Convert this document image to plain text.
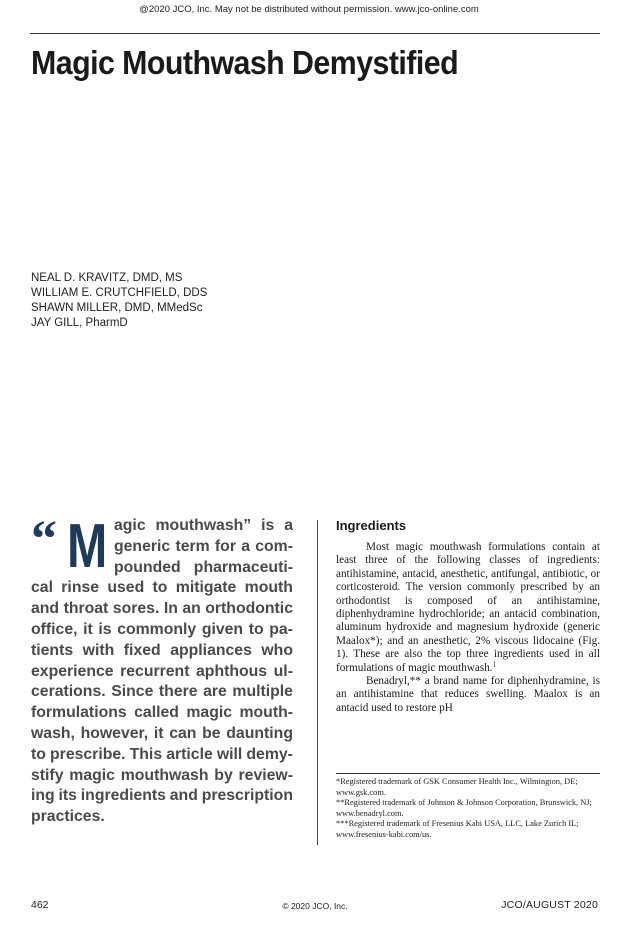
@2020 JCO, Inc. May not be distributed without permission. www.jco-online.com
Magic Mouthwash Demystified
NEAL D. KRAVITZ, DMD, MS
WILLIAM E. CRUTCHFIELD, DDS
SHAWN MILLER, DMD, MMedSc
JAY GILL, PharmD
“ M agic mouthwash” is a
generic term for a com-
pounded pharmaceuti-
cal rinse used to mitigate mouth
and throat sores. In an orthodontic
office, it is commonly given to pa-
tients with fixed appliances who
experience recurrent aphthous ul-
cerations. Since there are multiple
formulations called magic mouth-
wash, however, it can be daunting
to prescribe. This article will demy-
stify magic mouthwash by review-
ing its ingredients and prescription
practices.
Ingredients

Most magic mouthwash formulations contain at least three of the following classes of ingredients: antihistamine, antacid, anesthetic, antifungal, antibiotic, or corticosteroid. The version commonly prescribed by an orthodontist is composed of an antihistamine, diphenhydramine hydrochloride; an antacid combination, aluminum hydroxide and magnesium hydroxide (generic Maalox*); and an anesthetic, 2% viscous lidocaine (Fig. 1). These are also the top three ingredients used in all formulations of magic mouthwash.$^1$

Benadryl,** a brand name for diphenhydramine, is an antihistamine that reduces swelling. Maalox is an antacid used to restore pH

*Registered trademark of GSK Consumer Health Inc., Wilmington, DE; www.gsk.com.

**Registered trademark of Johnson & Johnson Corporation, Brunswick, NJ; www.benadryl.com.

***Registered trademark of Fresenius Kabi USA, LLC, Lake Zurich IL; www.fresenius-kabi.com/us.

462	© 2020 JCO, Inc.	JCO/AUGUST 2020
